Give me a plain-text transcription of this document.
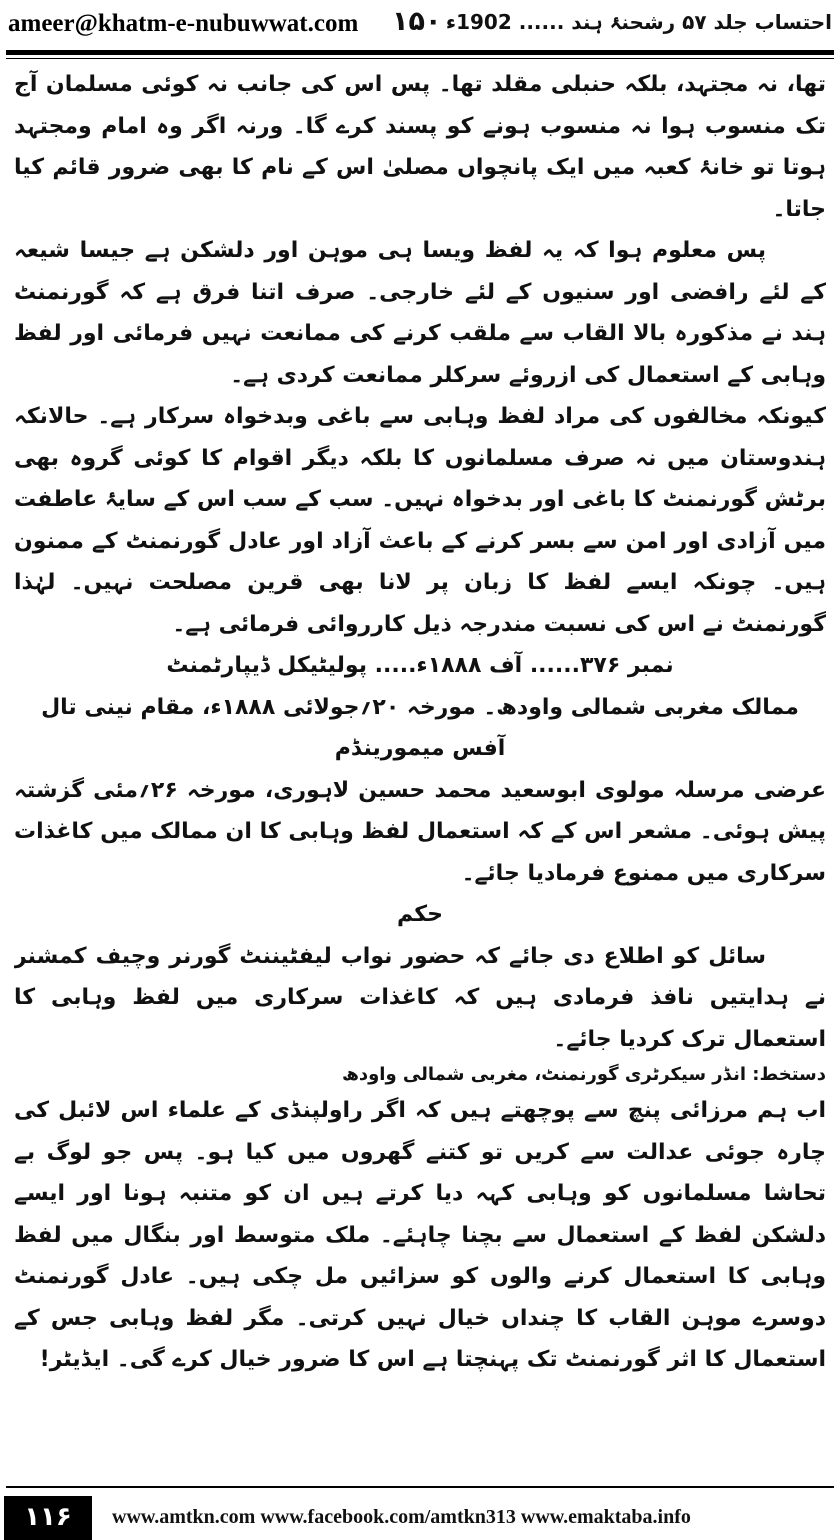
ameer@khatm-e-nubuwwat.com ۱۵۰ احتساب جلد ۵۷ رشحنۂ ہند ...... 1902ء

تھا، نہ مجتہد، بلکہ حنبلی مقلد تھا۔ پس اس کی جانب نہ کوئی مسلمان آج تک منسوب ہوا نہ منسوب ہونے کو پسند کرے گا۔ ورنہ اگر وہ امام ومجتہد ہوتا تو خانۂ کعبہ میں ایک پانچواں مصلیٰ اس کے نام کا بھی ضرور قائم کیا جاتا۔

پس معلوم ہوا کہ یہ لفظ ویسا ہی موہن اور دلشکن ہے جیسا شیعہ کے لئے رافضی اور سنیوں کے لئے خارجی۔ صرف اتنا فرق ہے کہ گورنمنٹ ہند نے مذکورہ بالا القاب سے ملقب کرنے کی ممانعت نہیں فرمائی اور لفظ وہابی کے استعمال کی ازروئے سرکلر ممانعت کردی ہے۔

کیونکہ مخالفوں کی مراد لفظ وہابی سے باغی وبدخواہ سرکار ہے۔ حالانکہ ہندوستان میں نہ صرف مسلمانوں کا بلکہ دیگر اقوام کا کوئی گروہ بھی برٹش گورنمنٹ کا باغی اور بدخواہ نہیں۔ سب کے سب اس کے سایۂ عاطفت میں آزادی اور امن سے بسر کرنے کے باعث آزاد اور عادل گورنمنٹ کے ممنون ہیں۔ چونکہ ایسے لفظ کا زبان پر لانا بھی قرین مصلحت نہیں۔ لہٰذا گورنمنٹ نے اس کی نسبت مندرجہ ذیل کارروائی فرمائی ہے۔

نمبر ۳۷۶...... آف ۱۸۸۸ء..... پولیٹیکل ڈیپارٹمنٹ

ممالک مغربی شمالی واودھ۔ مورخہ ۲۰؍جولائی ۱۸۸۸ء، مقام نینی تال

آفس میمورینڈم

عرضی مرسلہ مولوی ابوسعید محمد حسین لاہوری، مورخہ ۲۶؍مئی گزشتہ پیش ہوئی۔ مشعر اس کے کہ استعمال لفظ وہابی کا ان ممالک میں کاغذات سرکاری میں ممنوع فرمادیا جائے۔

حکم

سائل کو اطلاع دی جائے کہ حضور نواب لیفٹیننٹ گورنر وچیف کمشنر نے ہدایتیں نافذ فرمادی ہیں کہ کاغذات سرکاری میں لفظ وہابی کا استعمال ترک کردیا جائے۔

دستخط: انڈر سیکرٹری گورنمنٹ، مغربی شمالی واودھ

اب ہم مرزائی پنچ سے پوچھتے ہیں کہ اگر راولپنڈی کے علماء اس لائبل کی چارہ جوئی عدالت سے کریں تو کتنے گھروں میں کیا ہو۔ پس جو لوگ بے تحاشا مسلمانوں کو وہابی کہہ دیا کرتے ہیں ان کو متنبہ ہونا اور ایسے دلشکن لفظ کے استعمال سے بچنا چاہئے۔ ملک متوسط اور بنگال میں لفظ وہابی کا استعمال کرنے والوں کو سزائیں مل چکی ہیں۔ عادل گورنمنٹ دوسرے موہن القاب کا چنداں خیال نہیں کرتی۔ مگر لفظ وہابی جس کے استعمال کا اثر گورنمنٹ تک پہنچتا ہے اس کا ضرور خیال کرے گی۔ ایڈیٹر!

۱۱۶	www.amtkn.com www.facebook.com/amtkn313 www.emaktaba.info
